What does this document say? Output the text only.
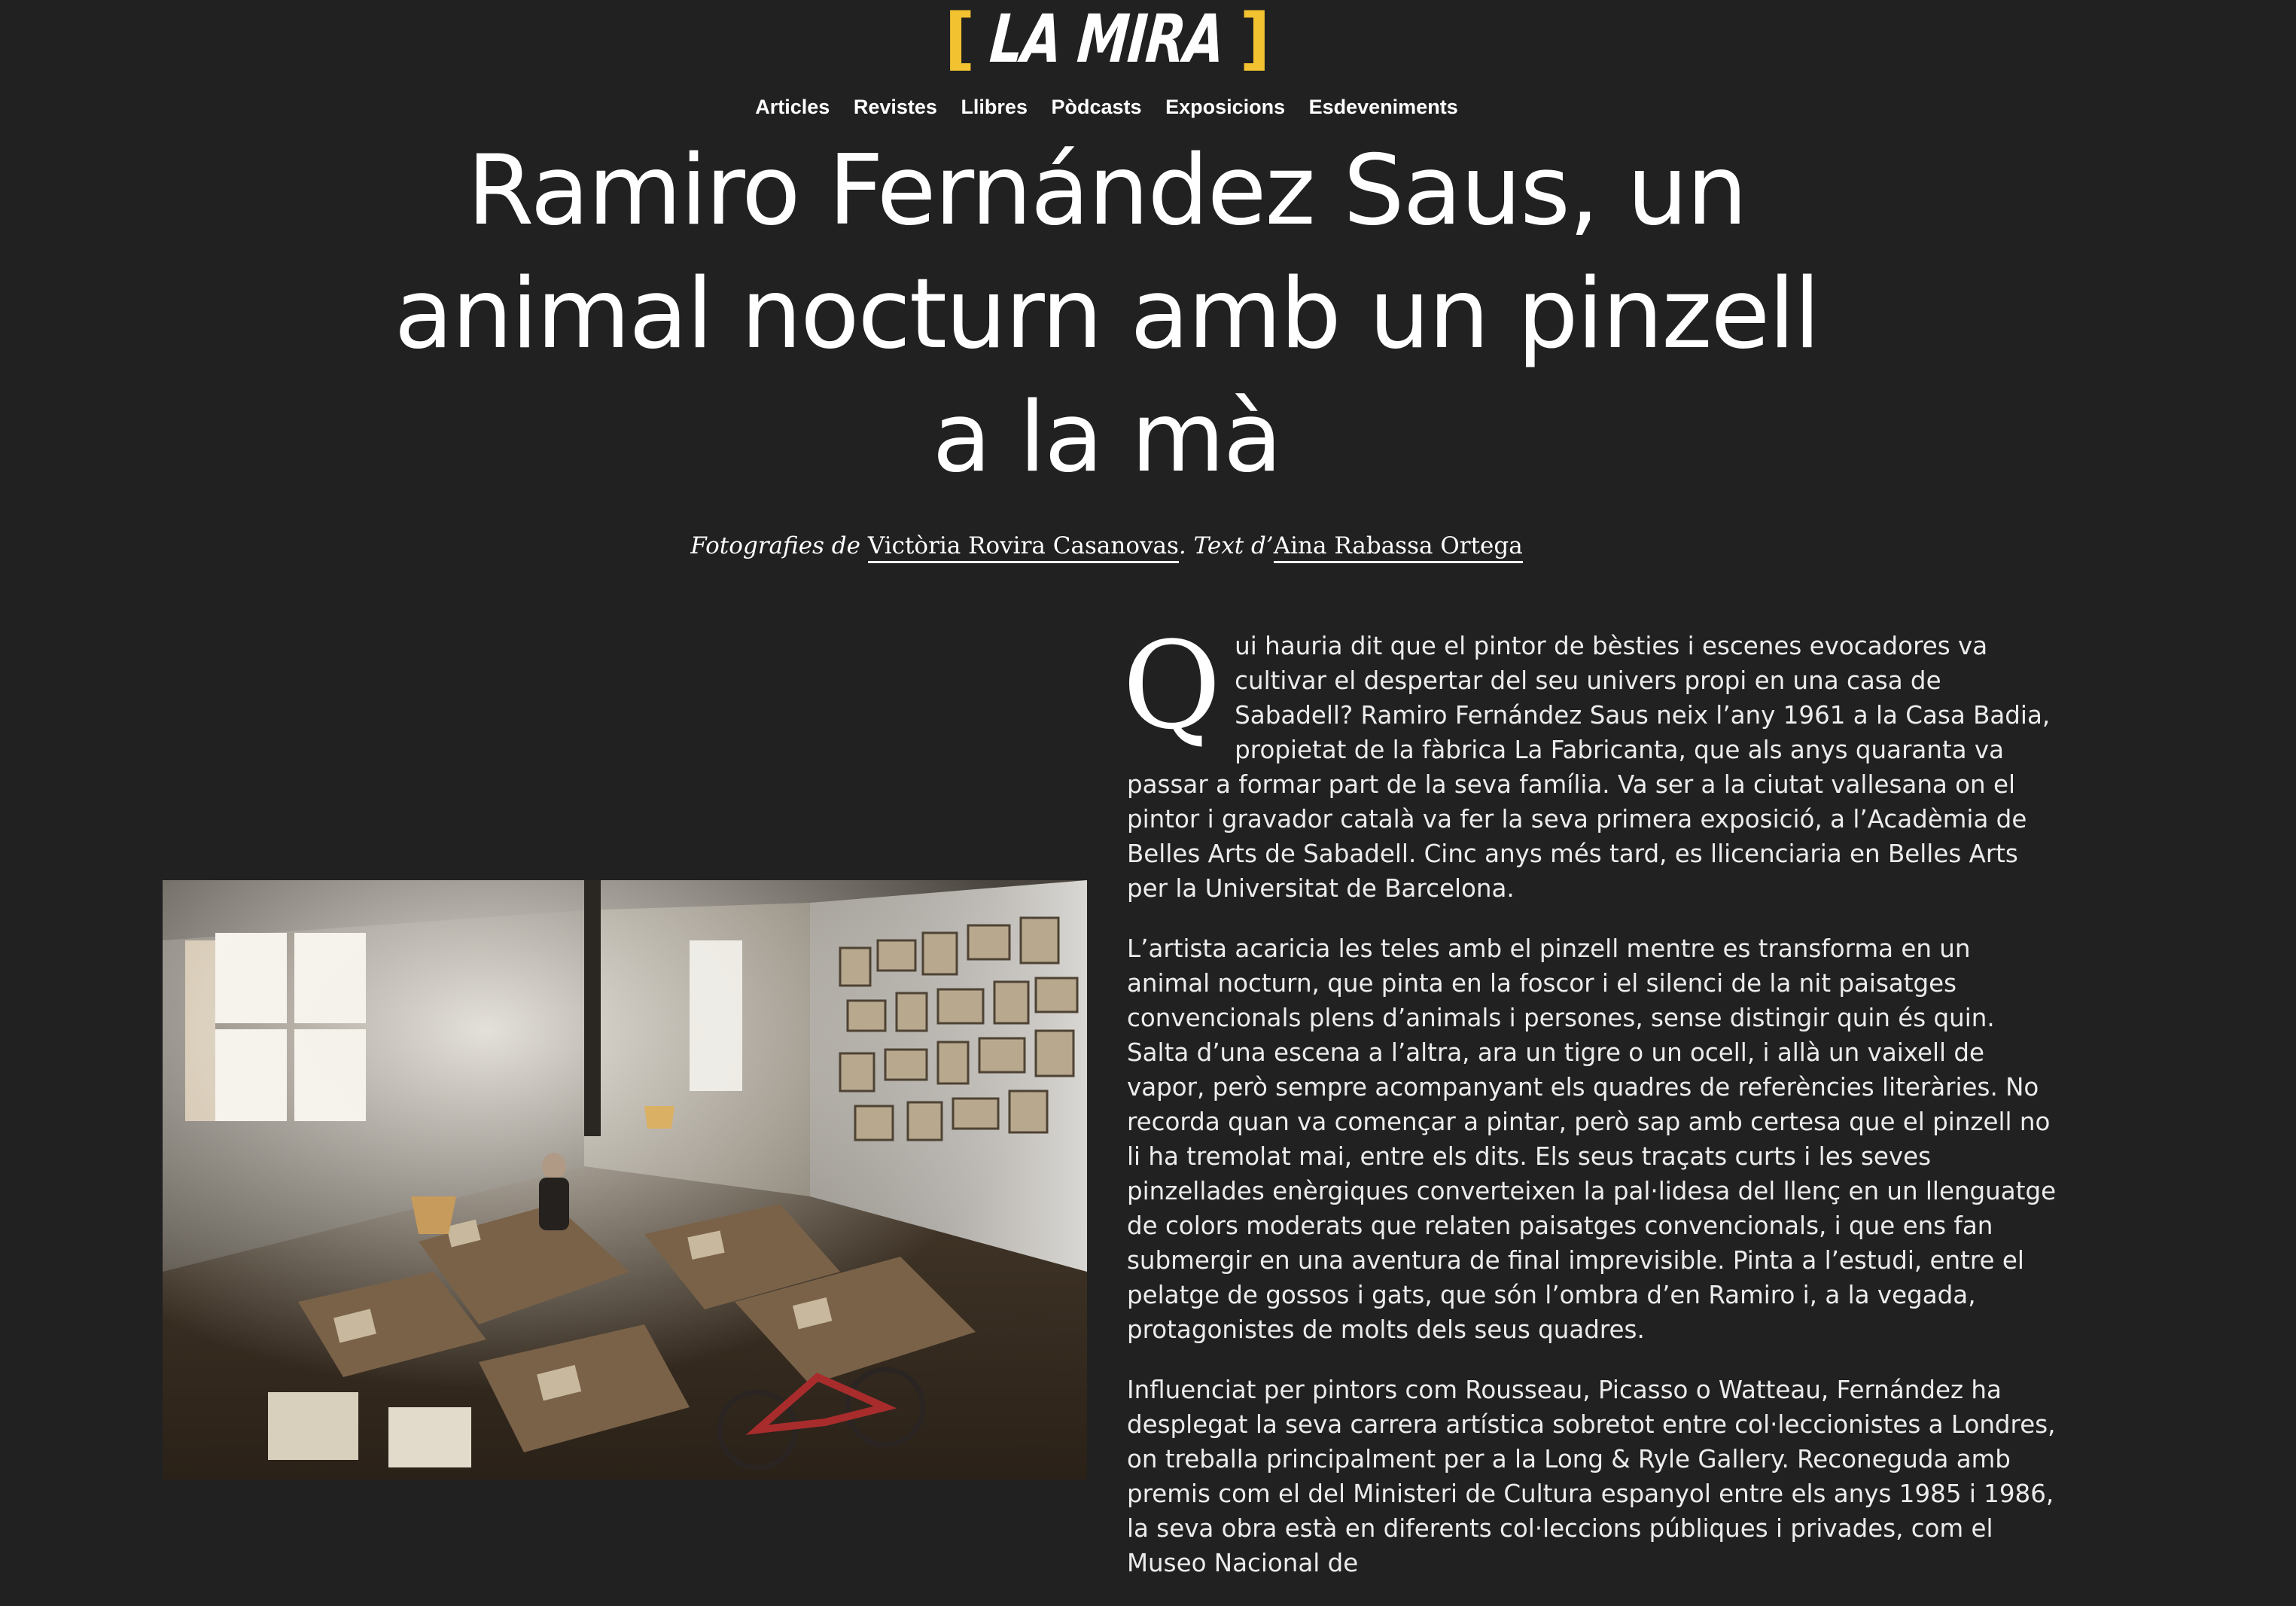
[ LA MIRA ]
Articles Revistes Llibres Pòdcasts Exposicions Esdeveniments
Ramiro Fernández Saus, un animal nocturn amb un pinzell a la mà
Fotografies de Victòria Rovira Casanovas. Text d’Aina Rabassa Ortega

Qui hauria dit que el pintor de bèsties i escenes evocadores va cultivar el despertar del seu univers propi en una casa de Sabadell? Ramiro Fernández Saus neix l’any 1961 a la Casa Badia, propietat de la fàbrica La Fabricanta, que als anys quaranta va passar a formar part de la seva família. Va ser a la ciutat vallesana on el pintor i gravador català va fer la seva primera exposició, a l’Acadèmia de Belles Arts de Sabadell. Cinc anys més tard, es llicenciaria en Belles Arts per la Universitat de Barcelona.

L’artista acaricia les teles amb el pinzell mentre es transforma en un animal nocturn, que pinta en la foscor i el silenci de la nit paisatges convencionals plens d’animals i persones, sense distingir quin és quin. Salta d’una escena a l’altra, ara un tigre o un ocell, i allà un vaixell de vapor, però sempre acompanyant els quadres de referències literàries. No recorda quan va començar a pintar, però sap amb certesa que el pinzell no li ha tremolat mai, entre els dits. Els seus traçats curts i les seves pinzellades enèrgiques converteixen la pal·lidesa del llenç en un llenguatge de colors moderats que relaten paisatges convencionals, i que ens fan submergir en una aventura de final imprevisible. Pinta a l’estudi, entre el pelatge de gossos i gats, que són l’ombra d’en Ramiro i, a la vegada, protagonistes de molts dels seus quadres.

Influenciat per pintors com Rousseau, Picasso o Watteau, Fernández ha desplegat la seva carrera artística sobretot entre col·leccionistes a Londres, on treballa principalment per a la Long & Ryle Gallery. Reconeguda amb premis com el del Ministeri de Cultura espanyol entre els anys 1985 i 1986, la seva obra està en diferents col·leccions públiques i privades, com el Museo Nacional de
